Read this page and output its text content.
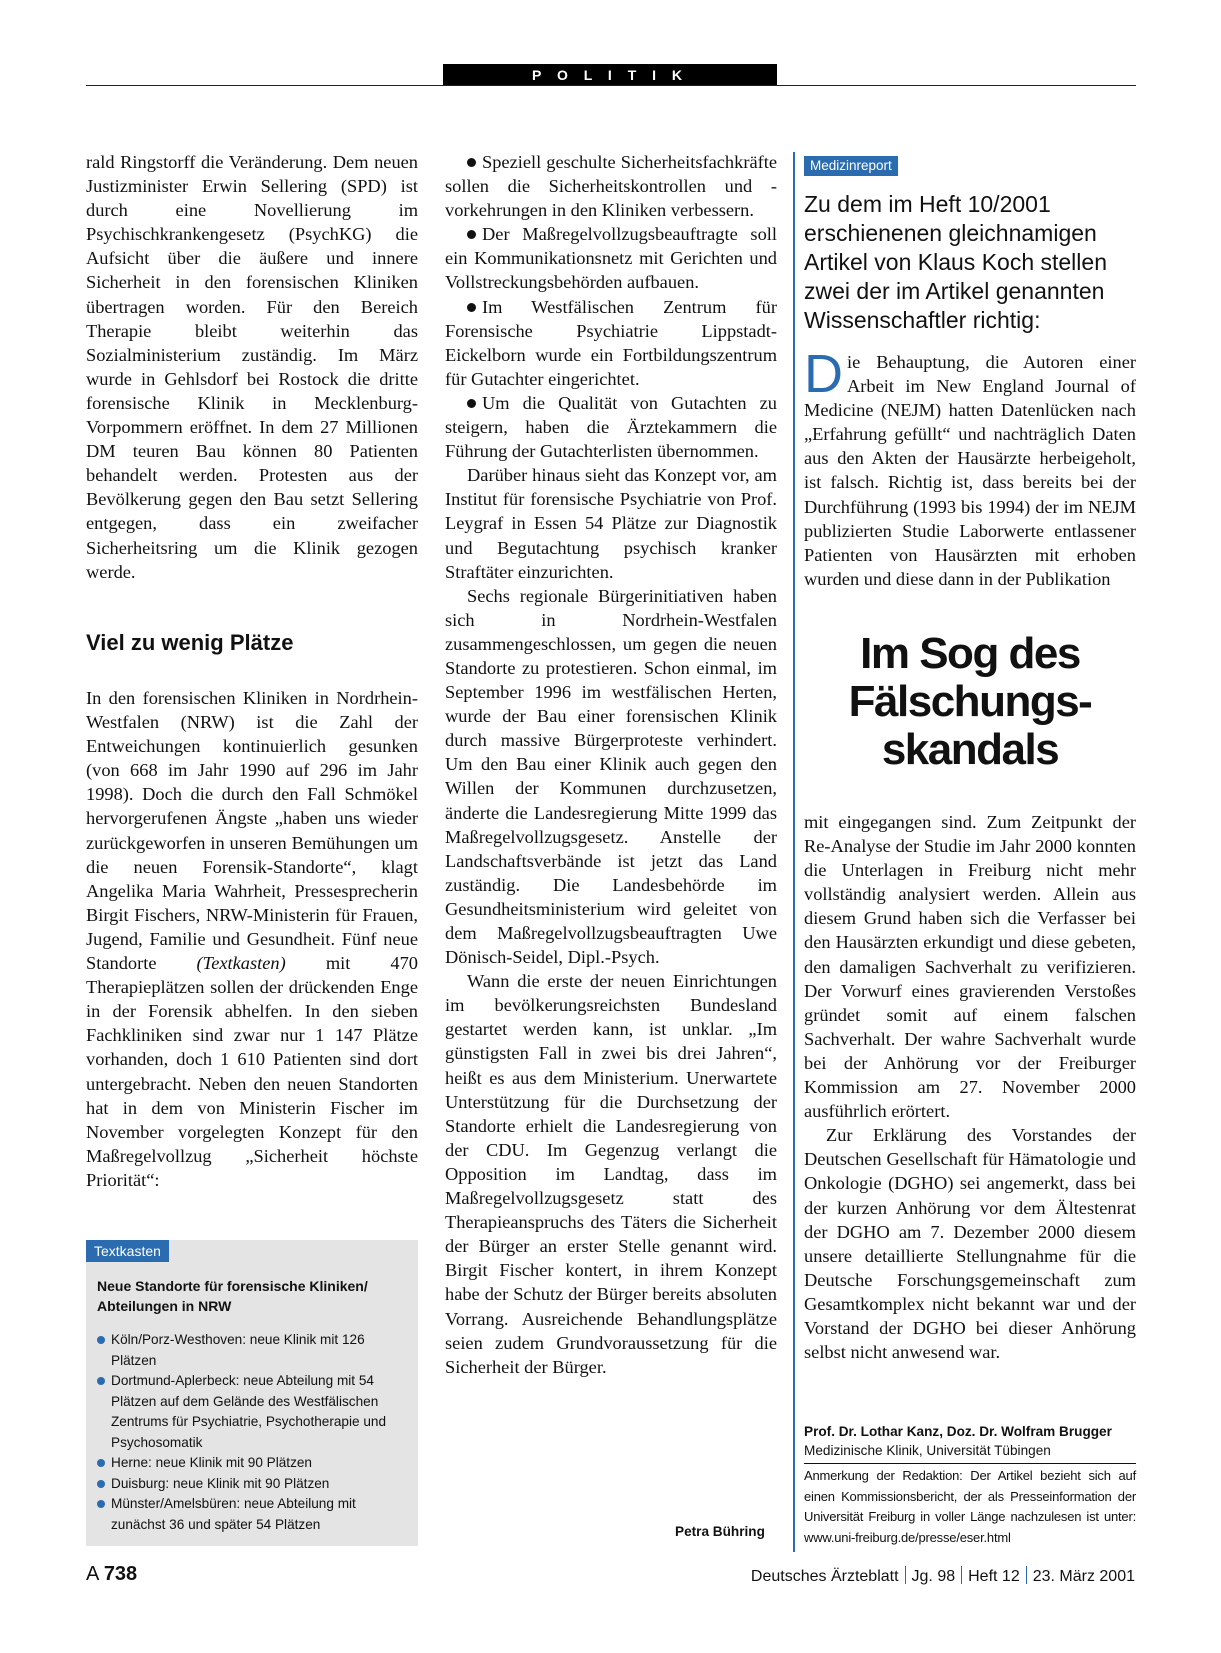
P O L I T I K

rald Ringstorff die Veränderung. Dem neuen Justizminister Erwin Sellering (SPD) ist durch eine Novellierung im Psychischkrankengesetz (PsychKG) die Aufsicht über die äußere und innere Sicherheit in den forensischen Kliniken übertragen worden. Für den Bereich Therapie bleibt weiterhin das Sozialministerium zuständig. Im März wurde in Gehlsdorf bei Rostock die dritte forensische Klinik in Mecklenburg-Vorpommern eröffnet. In dem 27 Millionen DM teuren Bau können 80 Patienten behandelt werden. Protesten aus der Bevölkerung gegen den Bau setzt Sellering entgegen, dass ein zweifacher Sicherheitsring um die Klinik gezogen werde.

Viel zu wenig Plätze

In den forensischen Kliniken in Nordrhein-Westfalen (NRW) ist die Zahl der Entweichungen kontinuierlich gesunken (von 668 im Jahr 1990 auf 296 im Jahr 1998). Doch die durch den Fall Schmökel hervorgerufenen Ängste „haben uns wieder zurückgeworfen in unseren Bemühungen um die neuen Forensik-Standorte“, klagt Angelika Maria Wahrheit, Pressesprecherin Birgit Fischers, NRW-Ministerin für Frauen, Jugend, Familie und Gesundheit. Fünf neue Standorte (Textkasten) mit 470 Therapieplätzen sollen der drückenden Enge in der Forensik abhelfen. In den sieben Fachkliniken sind zwar nur 1 147 Plätze vorhanden, doch 1 610 Patienten sind dort untergebracht. Neben den neuen Standorten hat in dem von Ministerin Fischer im November vorgelegten Konzept für den Maßregelvollzug „Sicherheit höchste Priorität“:

Textkasten
Neue Standorte für forensische Kliniken/ Abteilungen in NRW
Köln/Porz-Westhoven: neue Klinik mit 126 Plätzen
Dortmund-Aplerbeck: neue Abteilung mit 54 Plätzen auf dem Gelände des Westfälischen Zentrums für Psychiatrie, Psychotherapie und Psychosomatik
Herne: neue Klinik mit 90 Plätzen
Duisburg: neue Klinik mit 90 Plätzen
Münster/Amelsbüren: neue Abteilung mit zunächst 36 und später 54 Plätzen

Speziell geschulte Sicherheitsfachkräfte sollen die Sicherheitskontrollen und -vorkehrungen in den Kliniken verbessern.

Der Maßregelvollzugsbeauftragte soll ein Kommunikationsnetz mit Gerichten und Vollstreckungsbehörden aufbauen.

Im Westfälischen Zentrum für Forensische Psychiatrie Lippstadt-Eickelborn wurde ein Fortbildungszentrum für Gutachter eingerichtet.

Um die Qualität von Gutachten zu steigern, haben die Ärztekammern die Führung der Gutachterlisten übernommen.

Darüber hinaus sieht das Konzept vor, am Institut für forensische Psychiatrie von Prof. Leygraf in Essen 54 Plätze zur Diagnostik und Begutachtung psychisch kranker Straftäter einzurichten.

Sechs regionale Bürgerinitiativen haben sich in Nordrhein-Westfalen zusammengeschlossen, um gegen die neuen Standorte zu protestieren. Schon einmal, im September 1996 im westfälischen Herten, wurde der Bau einer forensischen Klinik durch massive Bürgerproteste verhindert. Um den Bau einer Klinik auch gegen den Willen der Kommunen durchzusetzen, änderte die Landesregierung Mitte 1999 das Maßregelvollzugsgesetz. Anstelle der Landschaftsverbände ist jetzt das Land zuständig. Die Landesbehörde im Gesundheitsministerium wird geleitet von dem Maßregelvollzugsbeauftragten Uwe Dönisch-Seidel, Dipl.-Psych.

Wann die erste der neuen Einrichtungen im bevölkerungsreichsten Bundesland gestartet werden kann, ist unklar. „Im günstigsten Fall in zwei bis drei Jahren“, heißt es aus dem Ministerium. Unerwartete Unterstützung für die Durchsetzung der Standorte erhielt die Landesregierung von der CDU. Im Gegenzug verlangt die Opposition im Landtag, dass im Maßregelvollzugsgesetz statt des Therapieanspruchs des Täters die Sicherheit der Bürger an erster Stelle genannt wird. Birgit Fischer kontert, in ihrem Konzept habe der Schutz der Bürger bereits absoluten Vorrang. Ausreichende Behandlungsplätze seien zudem Grundvoraussetzung für die Sicherheit der Bürger.

Petra Bühring
Medizinreport

Zu dem im Heft 10/2001 erschienenen gleichnamigen Artikel von Klaus Koch stellen zwei der im Artikel genannten Wissenschaftler richtig:

Die Behauptung, die Autoren einer Arbeit im New England Journal of Medicine (NEJM) hatten Datenlücken nach „Erfahrung gefüllt“ und nachträglich Daten aus den Akten der Hausärzte herbeigeholt, ist falsch. Richtig ist, dass bereits bei der Durchführung (1993 bis 1994) der im NEJM publizierten Studie Laborwerte entlassener Patienten von Hausärzten mit erhoben wurden und diese dann in der Publikation

Im Sog des Fälschungs-skandals

mit eingegangen sind. Zum Zeitpunkt der Re-Analyse der Studie im Jahr 2000 konnten die Unterlagen in Freiburg nicht mehr vollständig analysiert werden. Allein aus diesem Grund haben sich die Verfasser bei den Hausärzten erkundigt und diese gebeten, den damaligen Sachverhalt zu verifizieren. Der Vorwurf eines gravierenden Verstoßes gründet somit auf einem falschen Sachverhalt. Der wahre Sachverhalt wurde bei der Anhörung vor der Freiburger Kommission am 27. November 2000 ausführlich erörtert.

Zur Erklärung des Vorstandes der Deutschen Gesellschaft für Hämatologie und Onkologie (DGHO) sei angemerkt, dass bei der kurzen Anhörung vor dem Ältestenrat der DGHO am 7. Dezember 2000 diesem unsere detaillierte Stellungnahme für die Deutsche Forschungsgemeinschaft zum Gesamtkomplex nicht bekannt war und der Vorstand der DGHO bei dieser Anhörung selbst nicht anwesend war.

Prof. Dr. Lothar Kanz, Doz. Dr. Wolfram Brugger
Medizinische Klinik, Universität Tübingen
Anmerkung der Redaktion: Der Artikel bezieht sich auf einen Kommissionsbericht, der als Presseinformation der Universität Freiburg in voller Länge nachzulesen ist unter: www.uni-freiburg.de/presse/eser.html
A 738	Deutsches Ärzteblatt Jg. 98 Heft 12 23. März 2001
